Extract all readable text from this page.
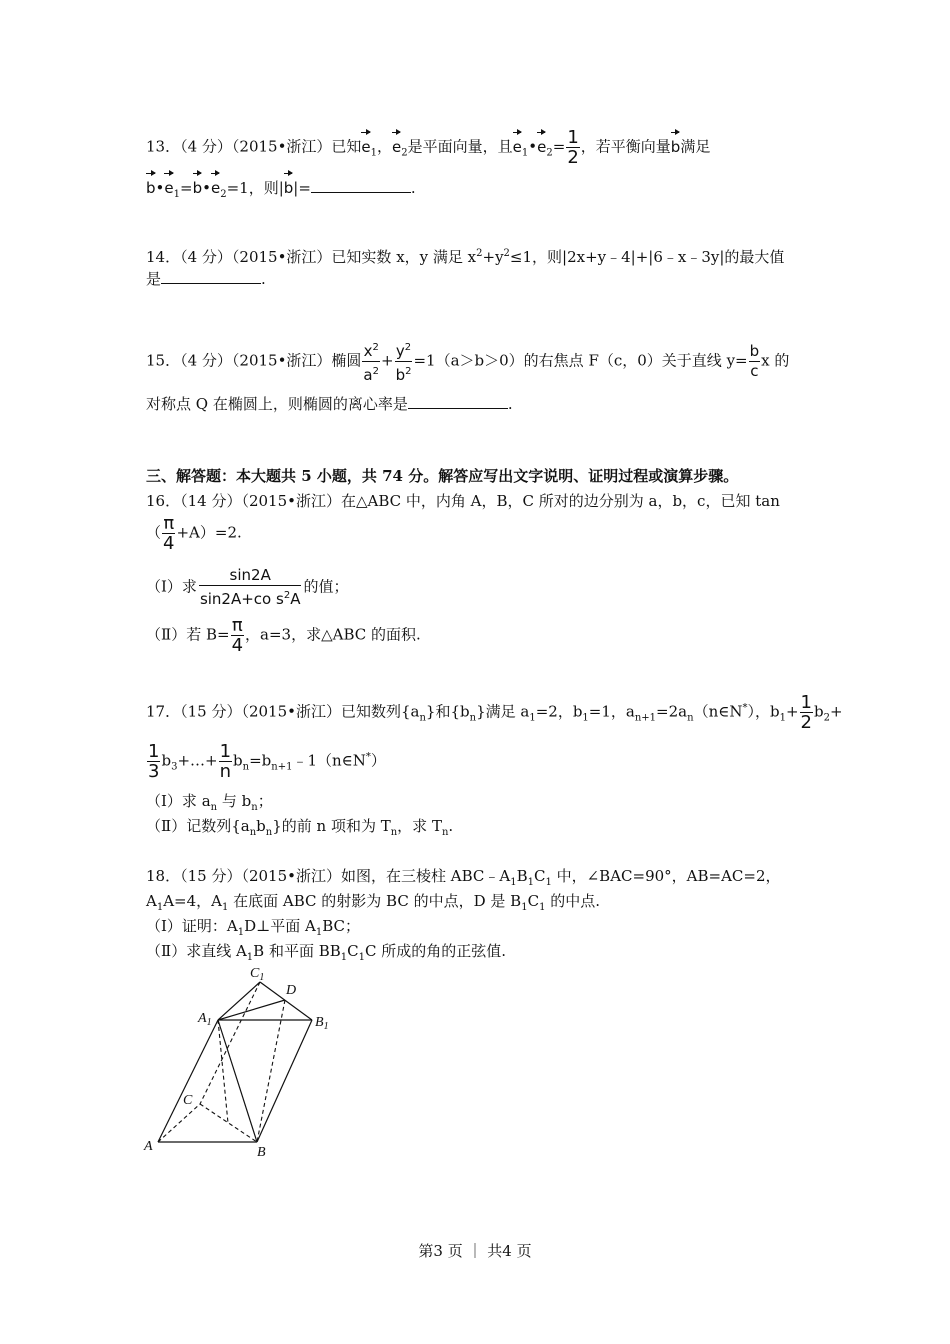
13．（4 分）（2015•浙江）已知$e_1$，$e_2$是平面向量，且$e_1•e_2= \frac{1}{2}$ ，若平衡向量b满足
$b•e_1=b•e_2=1$，则|b|=	.
14．（4 分）（2015•浙江）已知实数 x，y 满足 $x^2+y^2\le 1$，则|2x+y﹣4|+|6﹣x﹣3y|的最大值
是	.
15．（4 分）（2015•浙江）椭圆 $\frac{x^2}{a^2} + \frac{y^2}{b^2} =1(a>b>0)$的右焦点 F（c，0）关于直线 $y= \frac{b}{c}$ x 的
对称点 Q 在椭圆上，则椭圆的离心率是	.
三、解答题：本大题共 5 小题，共 74 分。解答应写出文字说明、证明过程或演算步骤。
16．（14 分）（2015•浙江）在△ABC 中，内角 A，B，C 所对的边分别为 a，b，c，已知 tan
（ $\frac{\pi}{4} +A)=2$.
（Ⅰ）求 $\frac{\sin 2A}{\sin 2A+co s^2A}$ 的值；
（Ⅱ）若 $B= \frac{\pi}{4}$ ，a=3，求△ABC 的面积.
17．（15 分）（2015•浙江）已知数列$\{a_n\}$和$\{b_n\}$满足 $a_1=2$，$b_1=1$，$a_{n+1}=2a_n(n\in N^*)$，$b_1+ \frac{1}{2} b_2+$
$\frac{1}{3}$ $b_3+\dots+ \frac{1}{n}$ $b_n=b_{n+1}﹣1(n\in N^*)$
（Ⅰ）求 $a_n$ 与 $b_n$；
（Ⅱ）记数列$\{a_nb_n\}$的前 n 项和为 $T_n$，求 $T_n$.
18．（15 分）（2015•浙江）如图，在三棱柱 $ABC﹣A_1B_1C_1$ 中，∠BAC=90°，AB=AC=2，
$A_1A=4$，$A_1$ 在底面 ABC 的射影为 BC 的中点，D 是 $B_1C_1$ 的中点.
（Ⅰ）证明：$A_1D\perp$平面 $A_1BC$；
（Ⅱ）求直线 $A_1B$ 和平面 $BB_1C_1C$ 所成的角的正弦值.
$C_1$
D
$A_1$	$B_1$
C
A	B
第3 页 ｜ 共4 页
